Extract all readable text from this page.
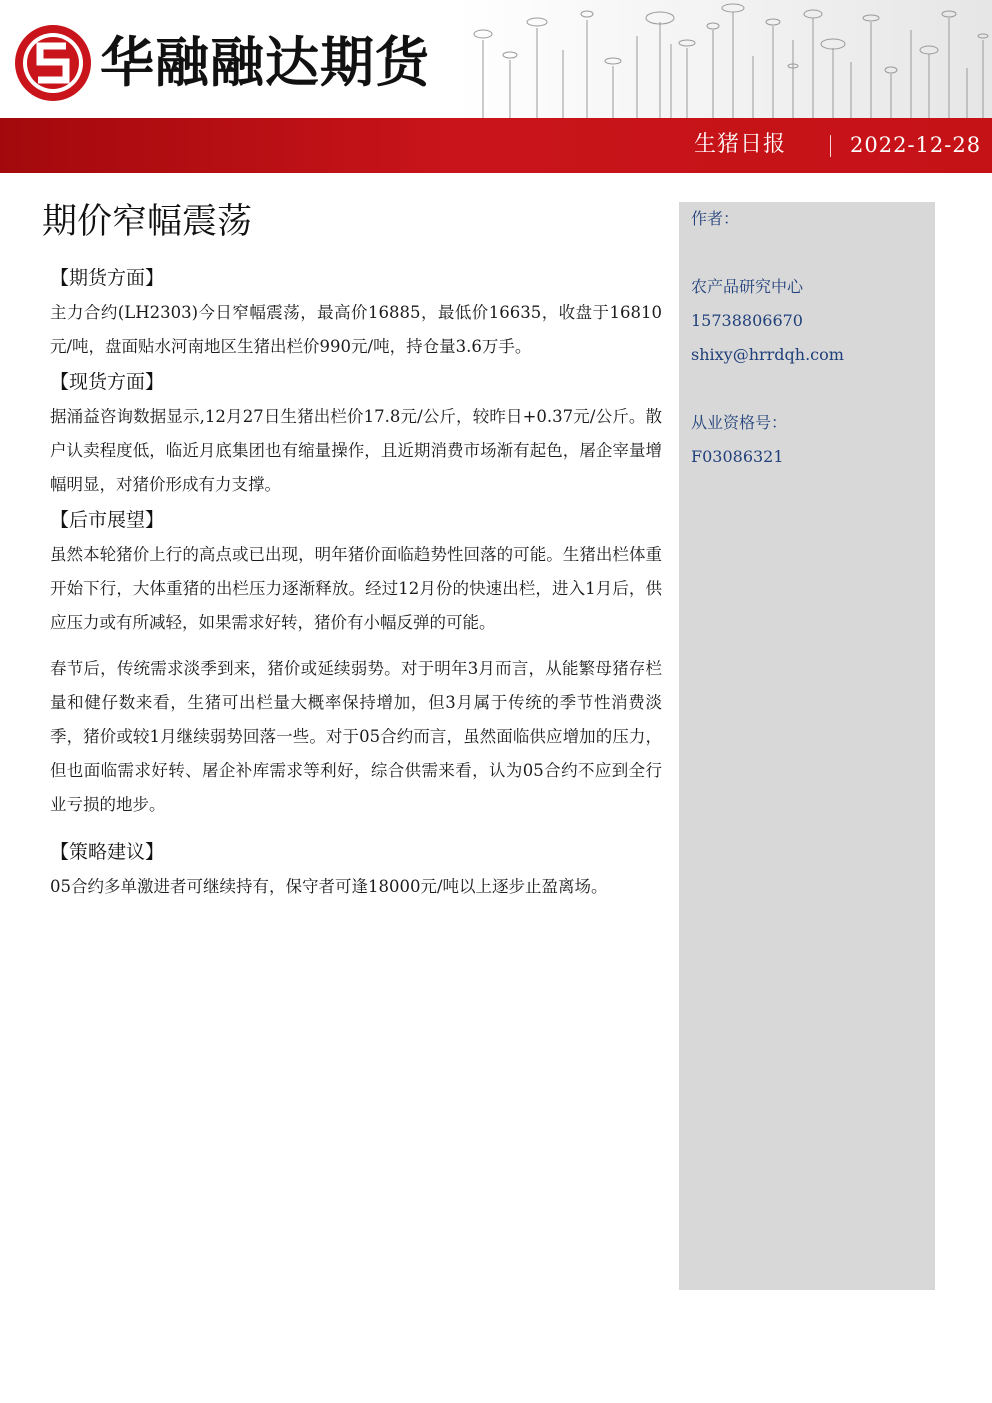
华融融达期货
生猪日报	2022-12-28
期价窄幅震荡
【期货方面】

主力合约(LH2303)今日窄幅震荡，最高价16885，最低价16635，收盘于16810元/吨，盘面贴水河南地区生猪出栏价990元/吨，持仓量3.6万手。

【现货方面】

据涌益咨询数据显示,12月27日生猪出栏价17.8元/公斤，较昨日+0.37元/公斤。散户认卖程度低，临近月底集团也有缩量操作，且近期消费市场渐有起色，屠企宰量增幅明显，对猪价形成有力支撑。

【后市展望】

虽然本轮猪价上行的高点或已出现，明年猪价面临趋势性回落的可能。生猪出栏体重开始下行，大体重猪的出栏压力逐渐释放。经过12月份的快速出栏，进入1月后，供应压力或有所减轻，如果需求好转，猪价有小幅反弹的可能。

春节后，传统需求淡季到来，猪价或延续弱势。对于明年3月而言，从能繁母猪存栏量和健仔数来看，生猪可出栏量大概率保持增加，但3月属于传统的季节性消费淡季，猪价或较1月继续弱势回落一些。对于05合约而言，虽然面临供应增加的压力，但也面临需求好转、屠企补库需求等利好，综合供需来看，认为05合约不应到全行业亏损的地步。

【策略建议】

05合约多单激进者可继续持有，保守者可逢18000元/吨以上逐步止盈离场。

作者：
农产品研究中心
15738806670
shixy@hrrdqh.com
从业资格号：
F03086321
